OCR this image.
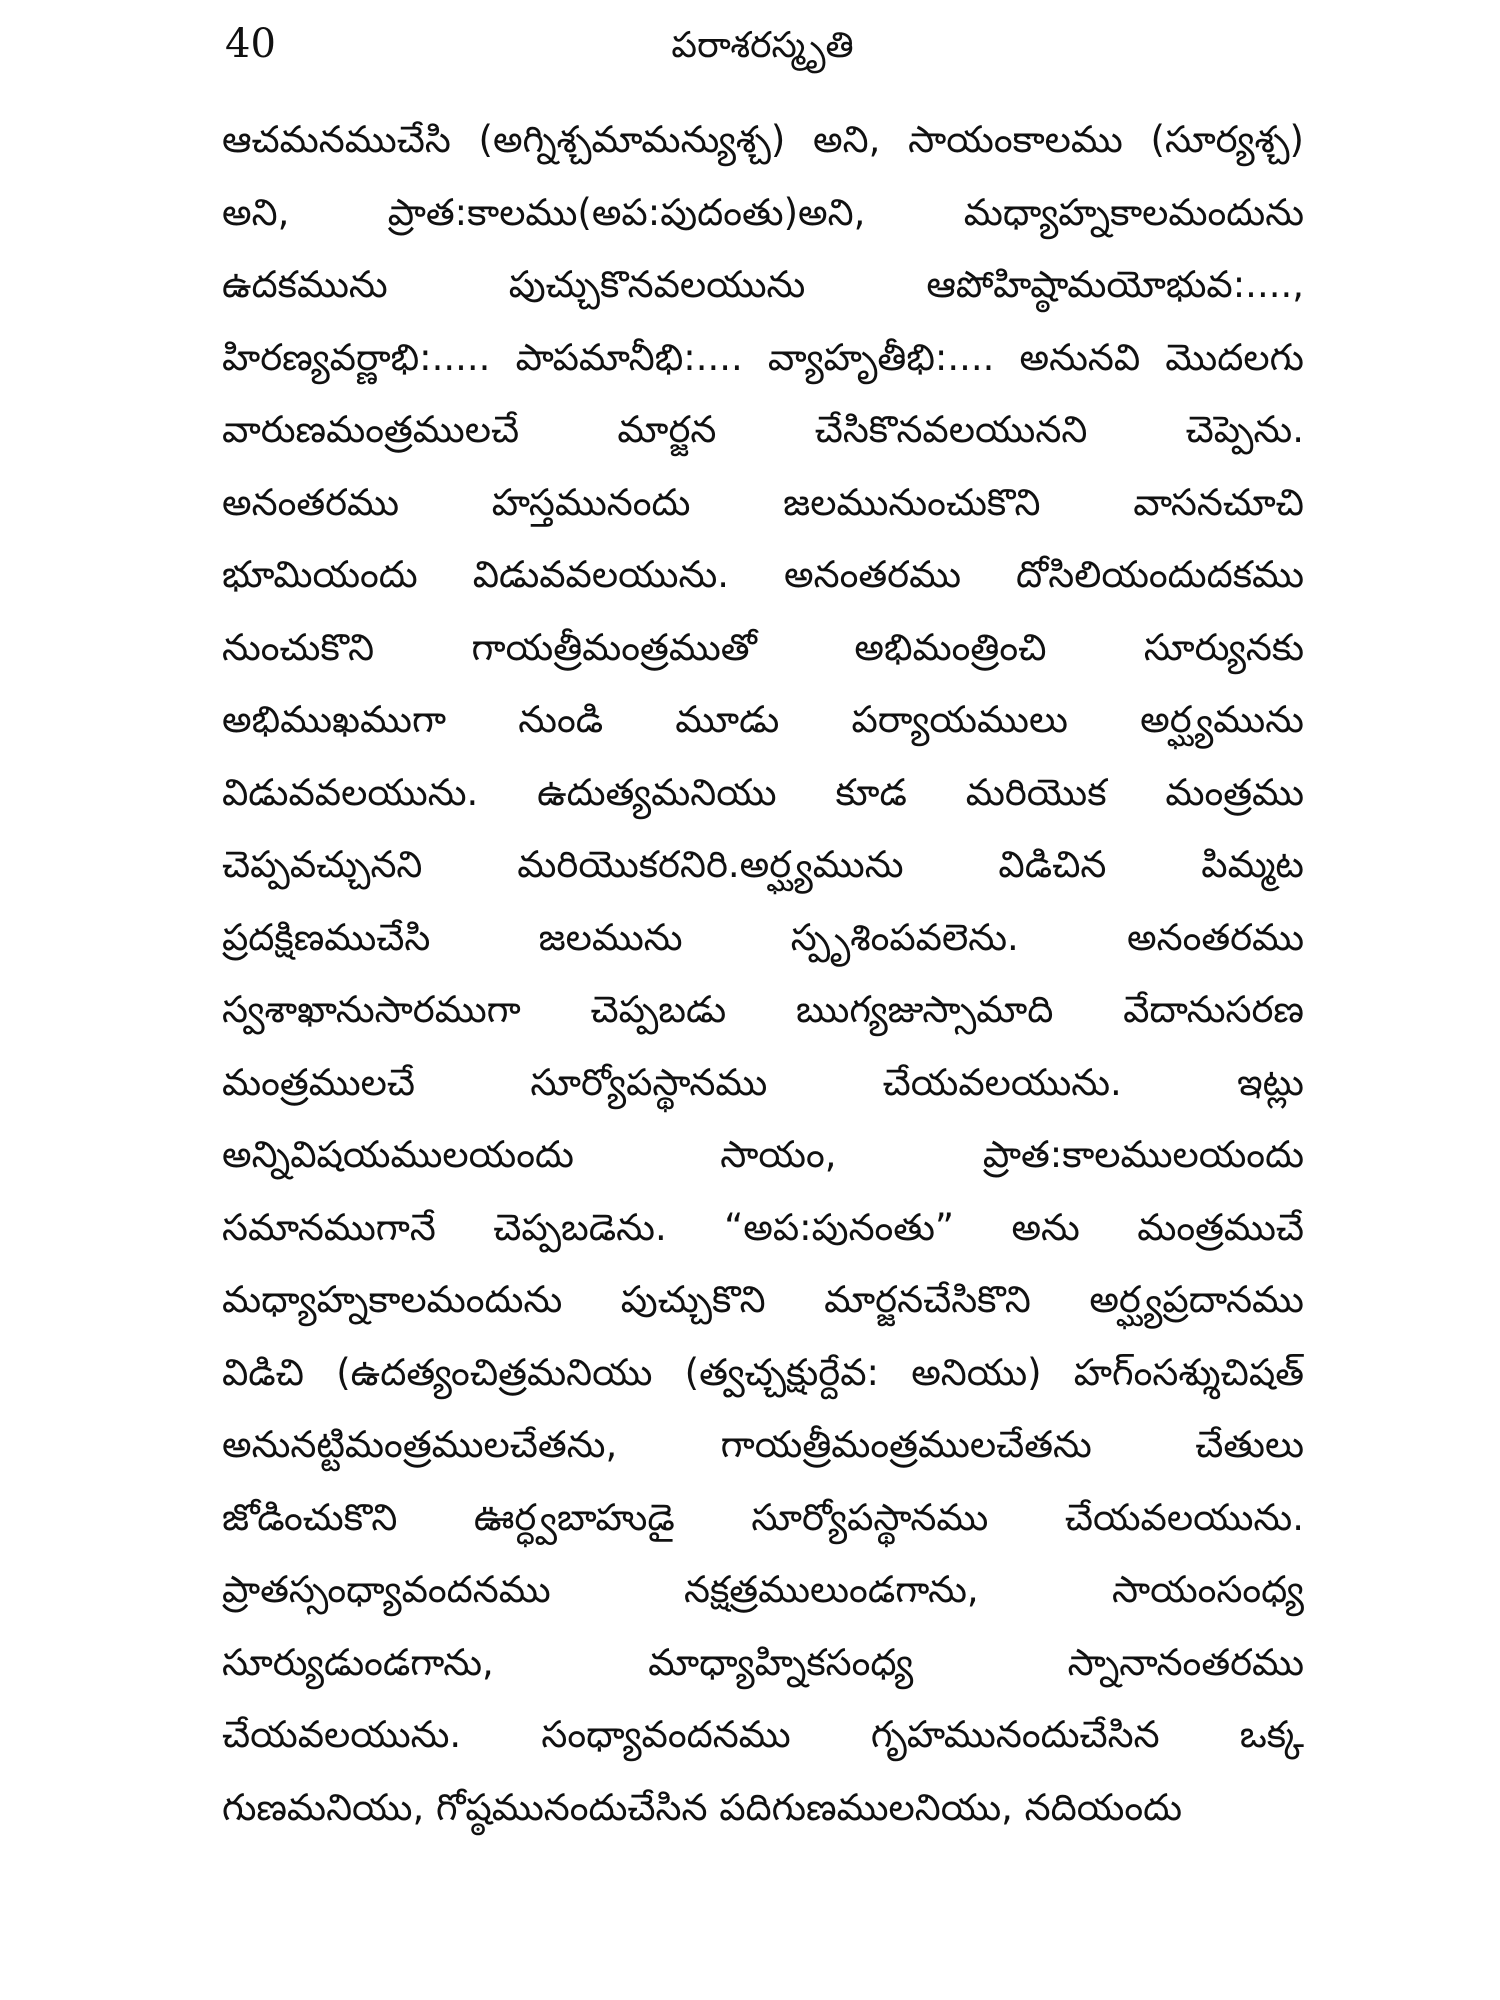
40	పరాశరస్మృతి
ఆచమనముచేసి (అగ్నిశ్చమామన్యుశ్చ) అని, సాయంకాలము (సూర్యశ్చ)
అని, ప్రాత:కాలము(అప:పుదంతు)అని, మధ్యాహ్నకాలమందును
ఉదకమును పుచ్చుకొనవలయును ఆపోహిష్ఠామయోభువ:....,
హిరణ్యవర్ణాభి:..... పాపమానీభి:.... వ్యాహృతీభి:.... అనునవి మొదలగు
వారుణమంత్రములచే మార్జన చేసికొనవలయునని చెప్పెను.
అనంతరము హస్తమునందు జలమునుంచుకొని వాసనచూచి
భూమియందు విడువవలయును. అనంతరము దోసిలియందుదకము
నుంచుకొని గాయత్రీమంత్రముతో అభిమంత్రించి సూర్యునకు
అభిముఖముగా నుండి మూడు పర్యాయములు అర్ఘ్యమును
విడువవలయును. ఉదుత్యమనియు కూడ మరియొక మంత్రము
చెప్పవచ్చునని మరియొకరనిరి.అర్ఘ్యమును విడిచిన పిమ్మట
ప్రదక్షిణముచేసి జలమును స్పృశింపవలెను. అనంతరము
స్వశాఖానుసారముగా చెప్పబడు ఋగ్యజుస్సామాది వేదానుసరణ
మంత్రములచే సూర్యోపస్థానము చేయవలయును. ఇట్లు
అన్నివిషయములయందు సాయం, ప్రాత:కాలములయందు
సమానముగానే చెప్పబడెను. “అప:పునంతు” అను మంత్రముచే
మధ్యాహ్నకాలమందును పుచ్చుకొని మార్జనచేసికొని అర్ఘ్యప్రదానము
విడిచి (ఉదత్యంచిత్రమనియు (త్వచ్చక్షుర్దేవ: అనియు) హగ్ంసశ్శుచిషత్
అనునట్టిమంత్రములచేతను, గాయత్రీమంత్రములచేతను చేతులు
జోడించుకొని ఊర్ధ్వబాహుడై సూర్యోపస్థానము చేయవలయును.
ప్రాతస్సంధ్యావందనము నక్షత్రములుండగాను, సాయంసంధ్య
సూర్యుడుండగాను, మాధ్యాహ్నికసంధ్య స్నానానంతరము
చేయవలయును. సంధ్యావందనము గృహమునందుచేసిన ఒక్క
గుణమనియు, గోష్ఠమునందుచేసిన పదిగుణములనియు, నదియందు
